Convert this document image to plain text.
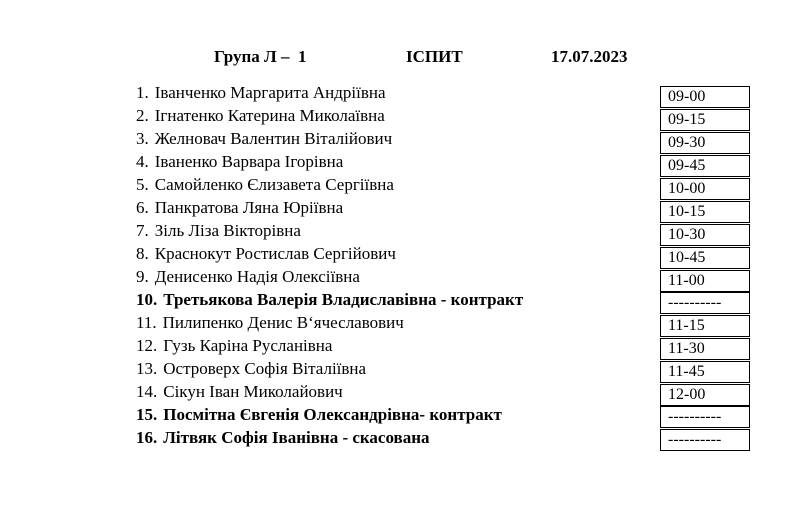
Група Л –  1	ІСПИТ	17.07.2023
1. Іванченко Маргарита Андріївна
2. Ігнатенко Катерина Миколаївна
3. Желновач Валентин Віталійович
4. Іваненко Варвара Ігорівна
5. Самойленко Єлизавета Сергіївна
6. Панкратова Ляна Юріївна
7. Зіль Ліза Вікторівна
8. Краснокут Ростислав Сергійович
9. Денисенко Надія Олексіївна
10. Третьякова Валерія Владиславівна - контракт
11. Пилипенко Денис В‘ячеславович
12. Гузь Каріна Русланівна
13. Островерх Софія Віталіївна
14. Сікун Іван Миколайович
15. Посмітна Євгенія Олександрівна- контракт
16. Літвяк Софія Іванівна - скасована
09-00
09-15
09-30
09-45
10-00
10-15
10-30
10-45
11-00
----------
11-15
11-30
11-45
12-00
----------
----------
